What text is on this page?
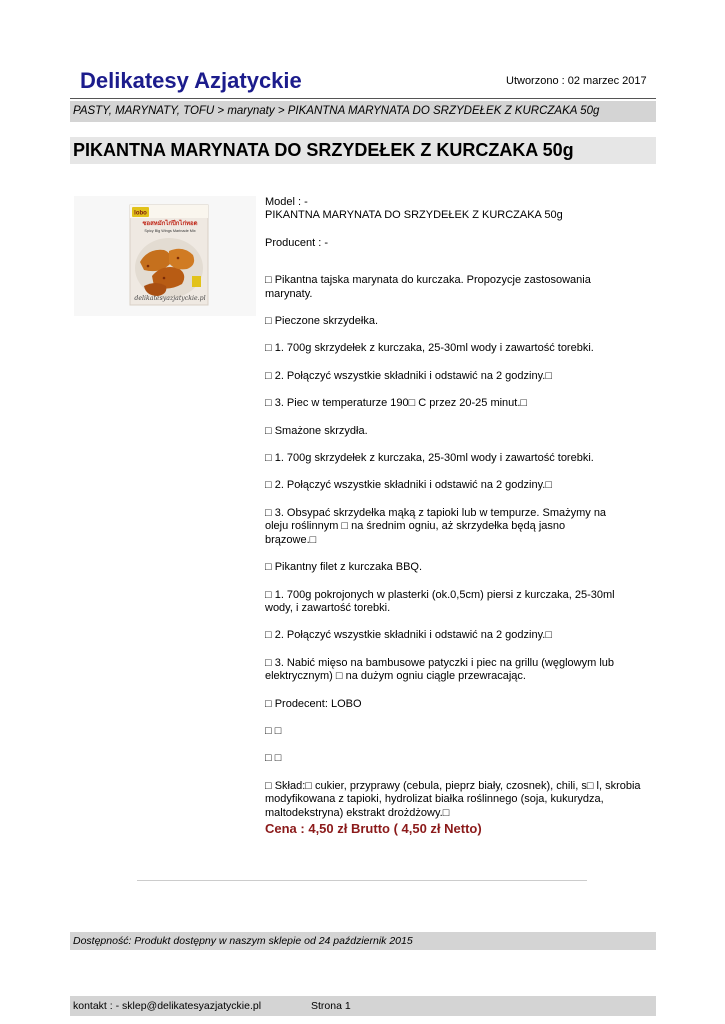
Delikatesy Azjatyckie	Utworzono : 02 marzec 2017
PASTY, MARYNATY, TOFU > marynaty > PIKANTNA MARYNATA DO SRZYDEŁEK Z KURCZAKA 50g
PIKANTNA MARYNATA DO SRZYDEŁEK Z KURCZAKA 50g
lobo
ซอสหมักไก่ปีกไก่ทอด
Spicy Big Wings Marinade Mix
delikatesyazjatyckie.pl

Model : -

PIKANTNA MARYNATA DO SRZYDEŁEK Z KURCZAKA 50g

Producent : -

□ Pikantna tajska marynata do kurczaka. Propozycje zastosowania
marynaty.
□ Pieczone skrzydełka.
□ 1. 700g skrzydełek z kurczaka, 25-30ml wody i zawartość torebki.
□ 2. Połączyć wszystkie składniki i odstawić na 2 godziny.□
□ 3. Piec w temperaturze 190□ C przez 20-25 minut.□
□ Smażone skrzydła.
□ 1. 700g skrzydełek z kurczaka, 25-30ml wody i zawartość torebki.
□ 2. Połączyć wszystkie składniki i odstawić na 2 godziny.□
□ 3. Obsypać skrzydełka mąką z tapioki lub w tempurze. Smażymy na
oleju roślinnym □ na średnim ogniu, aż skrzydełka będą jasno
brązowe.□
□ Pikantny filet z kurczaka BBQ.
□ 1. 700g pokrojonych w plasterki (ok.0,5cm) piersi z kurczaka, 25-30ml
wody, i zawartość torebki.
□ 2. Połączyć wszystkie składniki i odstawić na 2 godziny.□
□ 3. Nabić mięso na bambusowe patyczki i piec na grillu (węglowym lub
elektrycznym) □ na dużym ogniu ciągle przewracając.
□ Prodecent: LOBO
□ □
□ □
□ Skład:□ cukier, przyprawy (cebula, pieprz biały, czosnek), chili, s□ l, skrobia
modyfikowana z tapioki, hydrolizat białka roślinnego (soja, kukurydza,
maltodekstryna) ekstrakt drożdżowy.□
Cena : 4,50 zł Brutto ( 4,50 zł Netto)
Dostępność: Produkt dostępny w naszym sklepie od 24 październik 2015
kontakt : - sklep@delikatesyazjatyckie.pl	Strona 1
